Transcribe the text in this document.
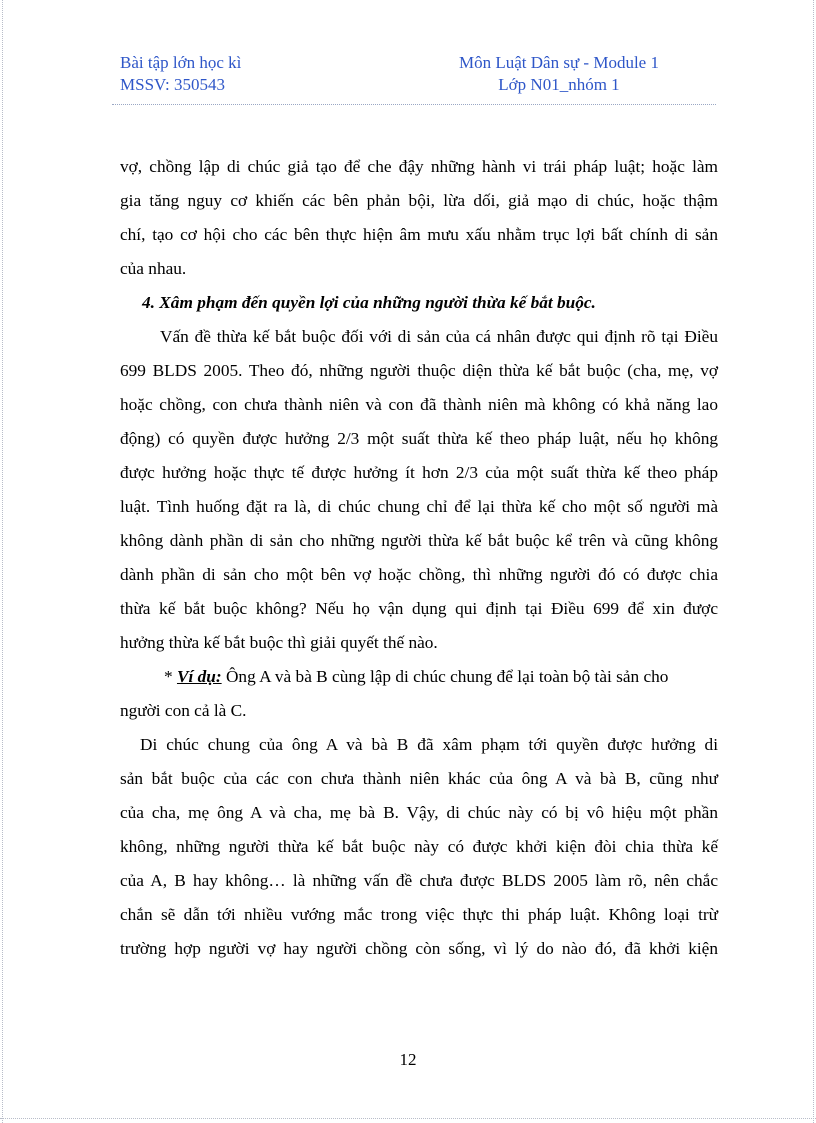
Bài tập lớn học kì
MSSV: 350543
Môn Luật Dân sự - Module 1
Lớp N01_nhóm 1
vợ, chồng lập di chúc giả tạo để che đậy những hành vi trái pháp luật; hoặc làm
gia tăng nguy cơ khiến các bên phản bội, lừa dối, giả mạo di chúc, hoặc thậm
chí, tạo cơ hội cho các bên thực hiện âm mưu xấu nhằm trục lợi bất chính di sản
của nhau.
4. Xâm phạm đến quyền lợi của những người thừa kế bắt buộc.
Vấn đề thừa kế bắt buộc đối với di sản của cá nhân được qui định rõ tại Điều
699 BLDS 2005. Theo đó, những người thuộc diện thừa kế bắt buộc (cha, mẹ, vợ
hoặc chồng, con chưa thành niên và con đã thành niên mà không có khả năng lao
động) có quyền được hưởng 2/3 một suất thừa kế theo pháp luật, nếu họ không
được hưởng hoặc thực tế được hưởng ít hơn 2/3 của một suất thừa kế theo pháp
luật. Tình huống đặt ra là, di chúc chung chỉ để lại thừa kế cho một số người mà
không dành phần di sản cho những người thừa kế bắt buộc kể trên và cũng không
dành phần di sản cho một bên vợ hoặc chồng, thì những người đó có được chia
thừa kế bắt buộc không? Nếu họ vận dụng qui định tại Điều 699 để xin được
hưởng thừa kế bắt buộc thì giải quyết thế nào.
* Ví dụ: Ông A và bà B cùng lập di chúc chung để lại toàn bộ tài sản cho
người con cả là C.
Di chúc chung của ông A và bà B đã xâm phạm tới quyền được hưởng di
sản bắt buộc của các con chưa thành niên khác của ông A và bà B, cũng như
của cha, mẹ ông A và cha, mẹ bà B. Vậy, di chúc này có bị vô hiệu một phần
không, những người thừa kế bắt buộc này có được khởi kiện đòi chia thừa kế
của A, B hay không… là những vấn đề chưa được BLDS 2005 làm rõ, nên chắc
chắn sẽ dẫn tới nhiều vướng mắc trong việc thực thi pháp luật. Không loại trừ
trường hợp người vợ hay người chồng còn sống, vì lý do nào đó, đã khởi kiện
12
